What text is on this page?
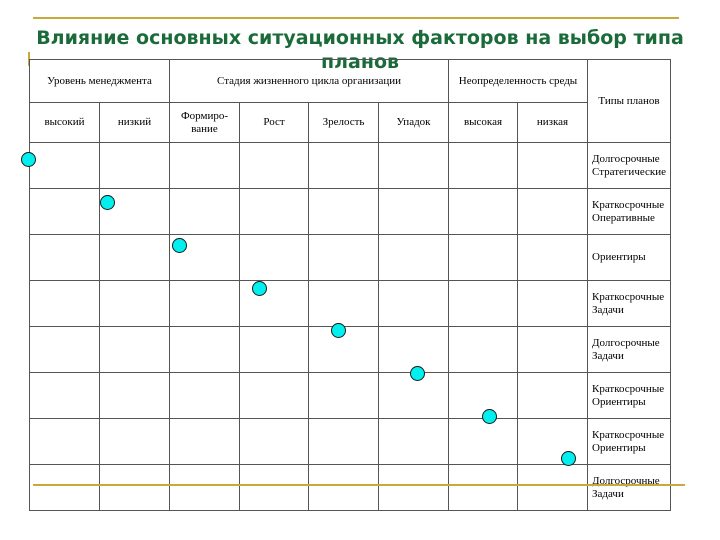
Влияние основных ситуационных факторов на выбор типа планов
Уровень менеджмента		Стадия жизненного цикла организации				Неопределенность среды		Типы планов
высокий	низкий	Формиро-вание	Рост	Зрелость	Упадок	высокая	низкая	
								Долгосрочные Стратегические
								Краткосрочные Оперативные
								Ориентиры
								Краткосрочные Задачи
								Долгосрочные Задачи
								Краткосрочные Ориентиры
								Краткосрочные Ориентиры
								Долгосрочные Задачи
